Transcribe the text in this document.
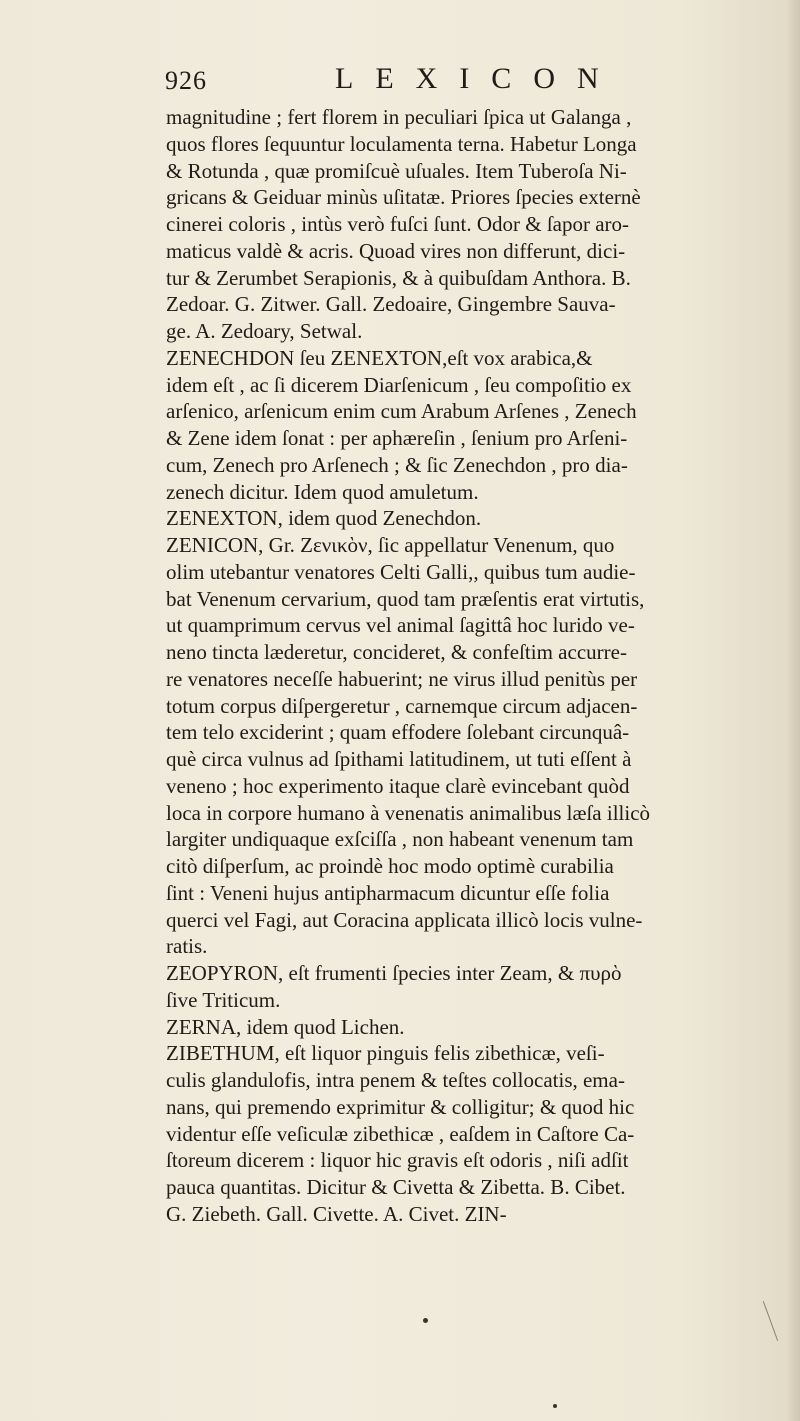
926	LEXICON
magnitudine ; fert florem in peculiari ſpica ut Galanga ,
quos flores ſequuntur loculamenta terna. Habetur Longa
& Rotunda , quæ promiſcuè uſuales. Item Tuberoſa Ni-
gricans & Geiduar minùs uſitatæ. Priores ſpecies externè
cinerei coloris , intùs verò fuſci ſunt. Odor & ſapor aro-
maticus valdè & acris. Quoad vires non differunt, dici-
tur & Zerumbet Serapionis, & à quibuſdam Anthora. B.
Zedoar. G. Zitwer. Gall. Zedoaire, Gingembre Sauva-
ge. A. Zedoary, Setwal.
ZENECHDON ſeu ZENEXTON,eſt vox arabica,&
idem eſt , ac ſi dicerem Diarſenicum , ſeu compoſitio ex
arſenico, arſenicum enim cum Arabum Arſenes , Zenech
& Zene idem ſonat : per aphæreſin , ſenium pro Arſeni-
cum, Zenech pro Arſenech ; & ſic Zenechdon , pro dia-
zenech dicitur. Idem quod amuletum.
ZENEXTON, idem quod Zenechdon.
ZENICON, Gr. Ζενικὸν, ſic appellatur Venenum, quo
olim utebantur venatores Celti Galli,, quibus tum audie-
bat Venenum cervarium, quod tam præſentis erat virtutis,
ut quamprimum cervus vel animal ſagittâ hoc lurido ve-
neno tincta læderetur, concideret, & confeſtim accurre-
re venatores neceſſe habuerint; ne virus illud penitùs per
totum corpus diſpergeretur , carnemque circum adjacen-
tem telo exciderint ; quam effodere ſolebant circunquâ-
què circa vulnus ad ſpithami latitudinem, ut tuti eſſent à
veneno ; hoc experimento itaque clarè evincebant quòd
loca in corpore humano à venenatis animalibus læſa illicò
largiter undiquaque exſciſſa , non habeant venenum tam
citò diſperſum, ac proindè hoc modo optimè curabilia
ſint : Veneni hujus antipharmacum dicuntur eſſe folia
querci vel Fagi, aut Coracina applicata illicò locis vulne-
ratis.
ZEOPYRON, eſt frumenti ſpecies inter Zeam, & πυρὸ
ſive Triticum.
ZERNA, idem quod Lichen.
ZIBETHUM, eſt liquor pinguis felis zibethicæ, veſi-
culis glandulofis, intra penem & teſtes collocatis, ema-
nans, qui premendo exprimitur & colligitur; & quod hic
videntur eſſe veſiculæ zibethicæ , eaſdem in Caſtore Ca-
ſtoreum dicerem : liquor hic gravis eſt odoris , niſi adſit
pauca quantitas. Dicitur & Civetta & Zibetta. B. Cibet.
G. Ziebeth. Gall. Civette. A. Civet. ZIN-
